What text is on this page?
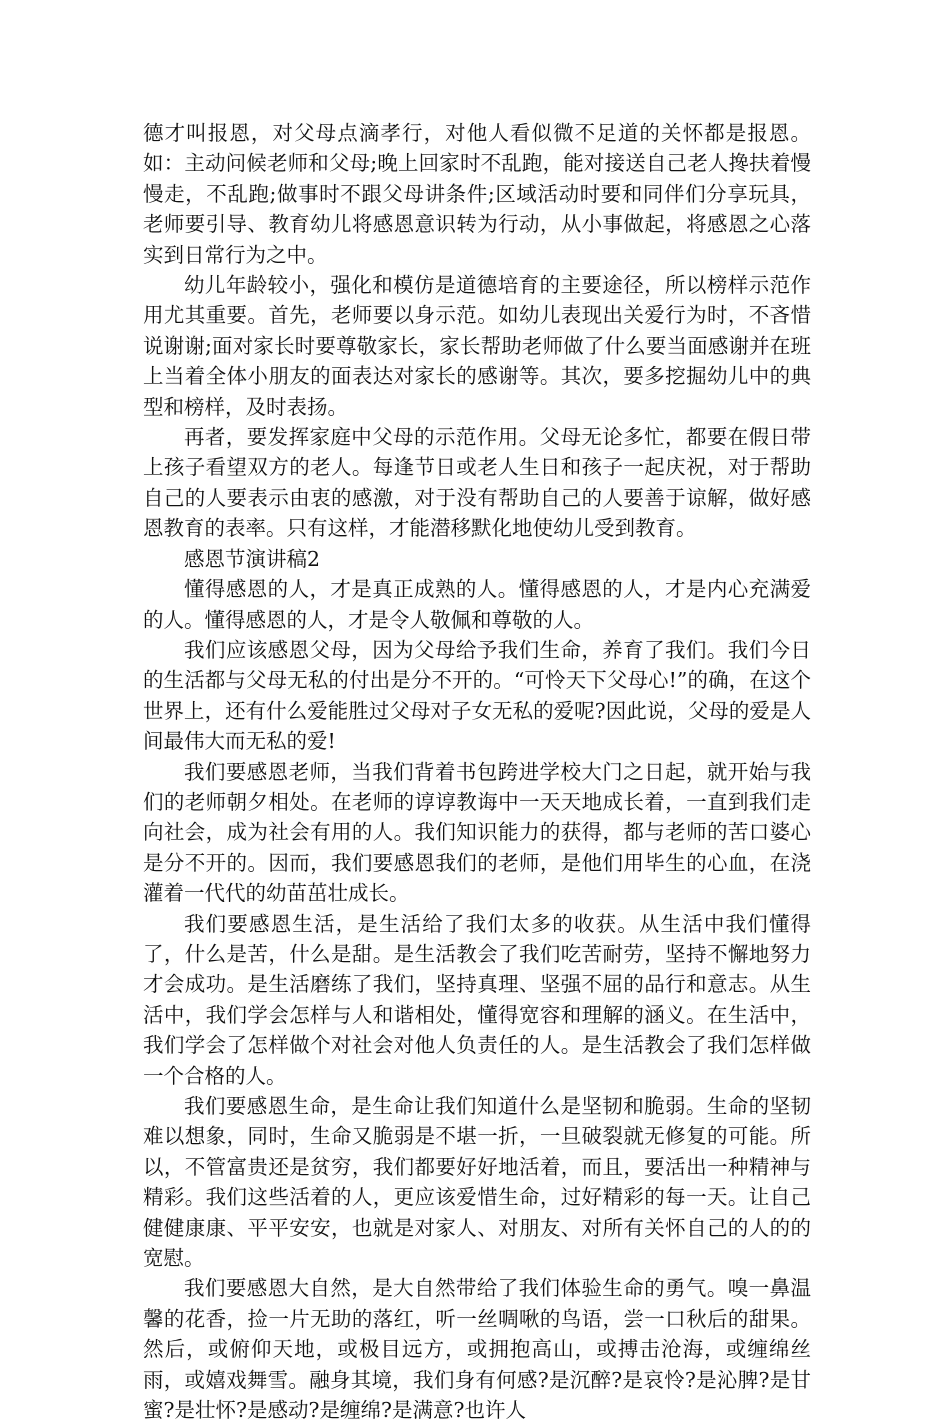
德才叫报恩，对父母点滴孝行，对他人看似微不足道的关怀都是报恩。如：主动问候老师和父母;晚上回家时不乱跑，能对接送自己老人搀扶着慢慢走，不乱跑;做事时不跟父母讲条件;区域活动时要和同伴们分享玩具，老师要引导、教育幼儿将感恩意识转为行动，从小事做起，将感恩之心落实到日常行为之中。

幼儿年龄较小，强化和模仿是道德培育的主要途径，所以榜样示范作用尤其重要。首先，老师要以身示范。如幼儿表现出关爱行为时，不吝惜说谢谢;面对家长时要尊敬家长，家长帮助老师做了什么要当面感谢并在班上当着全体小朋友的面表达对家长的感谢等。其次，要多挖掘幼儿中的典型和榜样，及时表扬。

再者，要发挥家庭中父母的示范作用。父母无论多忙，都要在假日带上孩子看望双方的老人。每逢节日或老人生日和孩子一起庆祝，对于帮助自己的人要表示由衷的感激，对于没有帮助自己的人要善于谅解，做好感恩教育的表率。只有这样，才能潜移默化地使幼儿受到教育。

感恩节演讲稿2

懂得感恩的人，才是真正成熟的人。懂得感恩的人，才是内心充满爱的人。懂得感恩的人，才是令人敬佩和尊敬的人。

我们应该感恩父母，因为父母给予我们生命，养育了我们。我们今日的生活都与父母无私的付出是分不开的。“可怜天下父母心!”的确，在这个世界上，还有什么爱能胜过父母对子女无私的爱呢?因此说，父母的爱是人间最伟大而无私的爱!

我们要感恩老师，当我们背着书包跨进学校大门之日起，就开始与我们的老师朝夕相处。在老师的谆谆教诲中一天天地成长着，一直到我们走向社会，成为社会有用的人。我们知识能力的获得，都与老师的苦口婆心是分不开的。因而，我们要感恩我们的老师，是他们用毕生的心血，在浇灌着一代代的幼苗茁壮成长。

我们要感恩生活，是生活给了我们太多的收获。从生活中我们懂得了，什么是苦，什么是甜。是生活教会了我们吃苦耐劳，坚持不懈地努力才会成功。是生活磨练了我们，坚持真理、坚强不屈的品行和意志。从生活中，我们学会怎样与人和谐相处，懂得宽容和理解的涵义。在生活中，我们学会了怎样做个对社会对他人负责任的人。是生活教会了我们怎样做一个合格的人。

我们要感恩生命，是生命让我们知道什么是坚韧和脆弱。生命的坚韧难以想象，同时，生命又脆弱是不堪一折，一旦破裂就无修复的可能。所以，不管富贵还是贫穷，我们都要好好地活着，而且，要活出一种精神与精彩。我们这些活着的人，更应该爱惜生命，过好精彩的每一天。让自己健健康康、平平安安，也就是对家人、对朋友、对所有关怀自己的人的的宽慰。

我们要感恩大自然，是大自然带给了我们体验生命的勇气。嗅一鼻温馨的花香，捡一片无助的落红，听一丝啁啾的鸟语，尝一口秋后的甜果。然后，或俯仰天地，或极目远方，或拥抱高山，或搏击沧海，或缠绵丝雨，或嬉戏舞雪。融身其境，我们身有何感?是沉醉?是哀怜?是沁脾?是甘蜜?是壮怀?是感动?是缠绵?是满意?也许人
